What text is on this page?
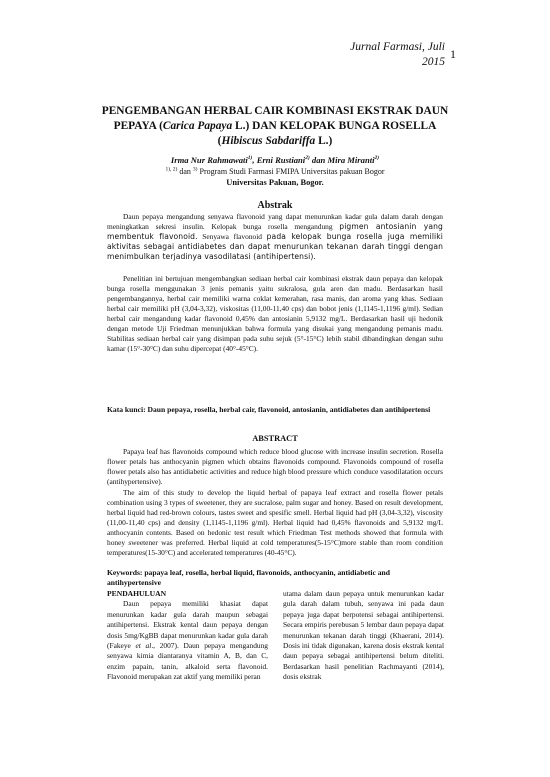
Jurnal Farmasi, Juli
2015
1
PENGEMBANGAN HERBAL CAIR KOMBINASI EKSTRAK DAUN
PEPAYA (Carica Papaya L.) DAN KELOPAK BUNGA ROSELLA
(Hibiscus Sabdariffa L.)
Irma Nur Rahmawati$^{1)}$, Erni Rustiani$^{2)}$ dan Mira Miranti$^{2)}$
$^{1), 2)}$ dan $^{3)}$ Program Studi Farmasi FMIPA Universitas pakuan Bogor
Universitas Pakuan, Bogor.
Abstrak
Daun pepaya mengandung senyawa flavonoid yang dapat menurunkan kadar gula dalam darah dengan meningkatkan sekresi insulin. Kelopak bunga rosella mengandung pigmen antosianin yang membentuk flavonoid. Senyawa flavonoid pada kelopak bunga rosella juga memiliki aktivitas sebagai antidiabetes dan dapat menurunkan tekanan darah tinggi dengan menimbulkan terjadinya vasodilatasi (antihipertensi).
Penelitian ini bertujuan mengembangkan sediaan herbal cair kombinasi ekstrak daun pepaya dan kelopak bunga rosella menggunakan 3 jenis pemanis yaitu sukralosa, gula aren dan madu. Berdasarkan hasil pengembangannya, herbal cair memiliki warna coklat kemerahan, rasa manis, dan aroma yang khas. Sediaan herbal cair memiliki pH (3,04-3,32), viskositas (11,00-11,40 cps) dan bobot jenis (1,1145-1,1196 g/ml). Sedian herbal cair mengandung kadar flavonoid 0,45% dan antosianin 5,9132 mg/L. Berdasarkan hasil uji hedonik dengan metode Uji Friedman menunjukkan bahwa formula yang disukai yang mengandung pemanis madu. Stabilitas sediaan herbal cair yang disimpan pada suhu sejuk (5°-15°C) lebih stabil dibandingkan dengan suhu kamar (15°-30°C) dan suhu dipercepat (40°-45°C).
Kata kunci: Daun pepaya, rosella, herbal cair, flavonoid, antosianin, antidiabetes dan antihipertensi
ABSTRACT
Papaya leaf has flavonoids compound which reduce blood glucose with increase insulin secretion. Rosella flower petals has anthocyanin pigmen which obtains flavonoids compound. Flavonoids compound of rosella flower petals also has antidiabetic activities and reduce high blood pressure which conduce vasodilatation occurs (antihypertensive).
The aim of this study to develop the liquid herbal of papaya leaf extract and rosella flower petals combination using 3 types of sweetener, they are sucralose, palm sugar and honey. Based on result development, herbal liquid had red-brown colours, tastes sweet and spesific smell. Herbal liquid had pH (3,04-3,32), viscosity (11,00-11,40 cps) and density (1,1145-1,1196 g/ml). Herbal liquid had 0,45% flavonoids and 5,9132 mg/L anthocyanin contents. Based on hedonic test result which Friedman Test methods showed that formula with honey sweetener was preferred. Herbal liquid at cold temperatures(5-15°C)more stable than room condition temperatures(15-30°C) and accelerated temperatures (40-45°C).
Keywords: papaya leaf, rosella, herbal liquid, flavonoids, anthocyanin, antidiabetic and antihypertensive
PENDAHULUAN
Daun pepaya memiliki khasiat dapat menurunkan kadar gula darah maupun sebagai antihipertensi. Ekstrak kental daun pepaya dengan dosis 5mg/KgBB dapat menurunkan kadar gula darah (Fakeye et al., 2007). Daun pepaya mengandung senyawa kimia diantaranya vitamin A, B, dan C, enzim papain, tanin, alkaloid serta flavonoid. Flavonoid merupakan zat aktif yang memiliki peran
utama dalam daun pepaya untuk menurunkan kadar gula darah dalam tubuh, senyawa ini pada daun pepaya juga dapat berpotensi sebagai antihipertensi. Secara empiris perebusan 5 lembar daun pepaya dapat menurunkan tekanan darah tinggi (Khaerani, 2014). Dosis ini tidak digunakan, karena dosis ekstrak kental daun pepaya sebagai antihipertensi belum diteliti. Berdasarkan hasil penelitian Rachmayanti (2014), dosis ekstrak
